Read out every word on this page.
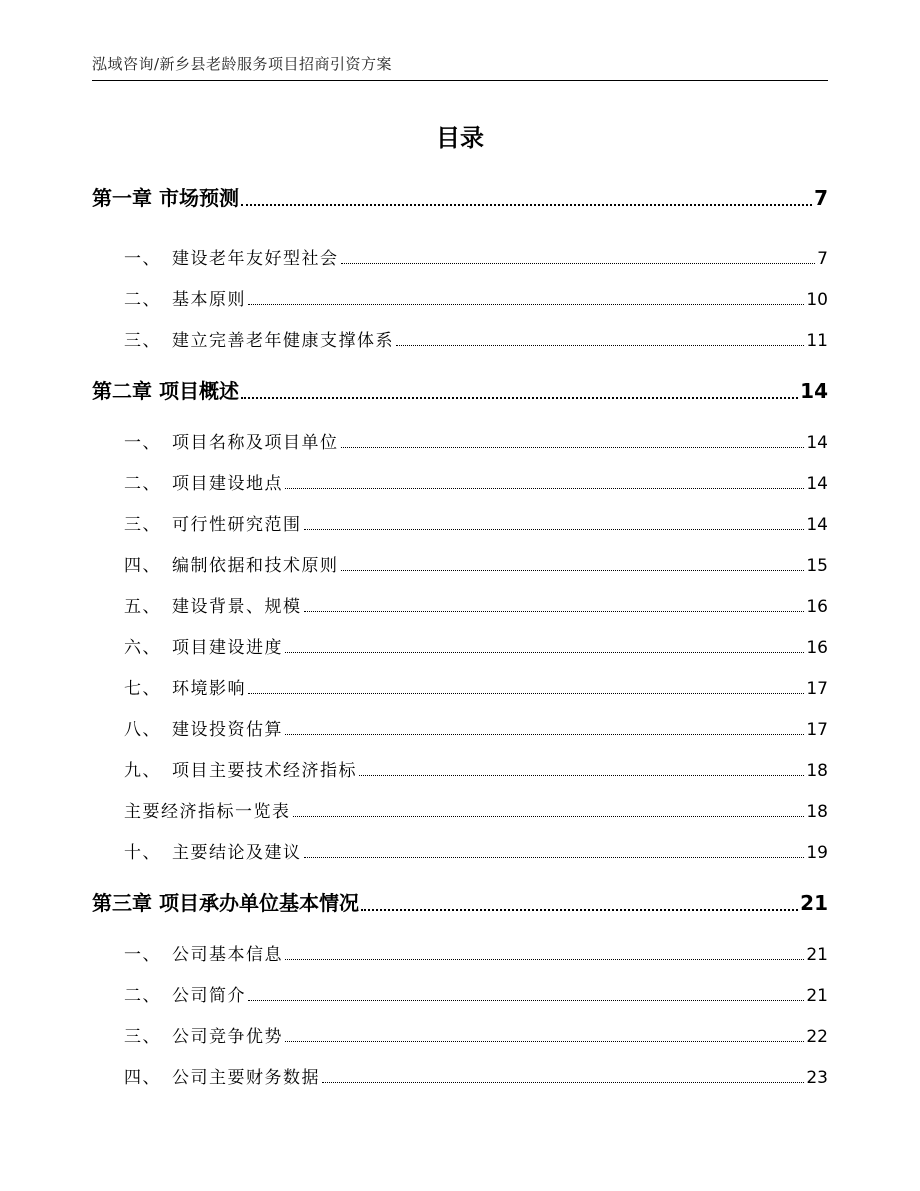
泓域咨询/新乡县老龄服务项目招商引资方案
目录
第一章 市场预测	7
一、 建设老年友好型社会	7
二、 基本原则	10
三、 建立完善老年健康支撑体系	11
第二章 项目概述	14
一、 项目名称及项目单位	14
二、 项目建设地点	14
三、 可行性研究范围	14
四、 编制依据和技术原则	15
五、 建设背景、规模	16
六、 项目建设进度	16
七、 环境影响	17
八、 建设投资估算	17
九、 项目主要技术经济指标	18
主要经济指标一览表	18
十、 主要结论及建议	19
第三章 项目承办单位基本情况	21
一、 公司基本信息	21
二、 公司简介	21
三、 公司竞争优势	22
四、 公司主要财务数据	23
